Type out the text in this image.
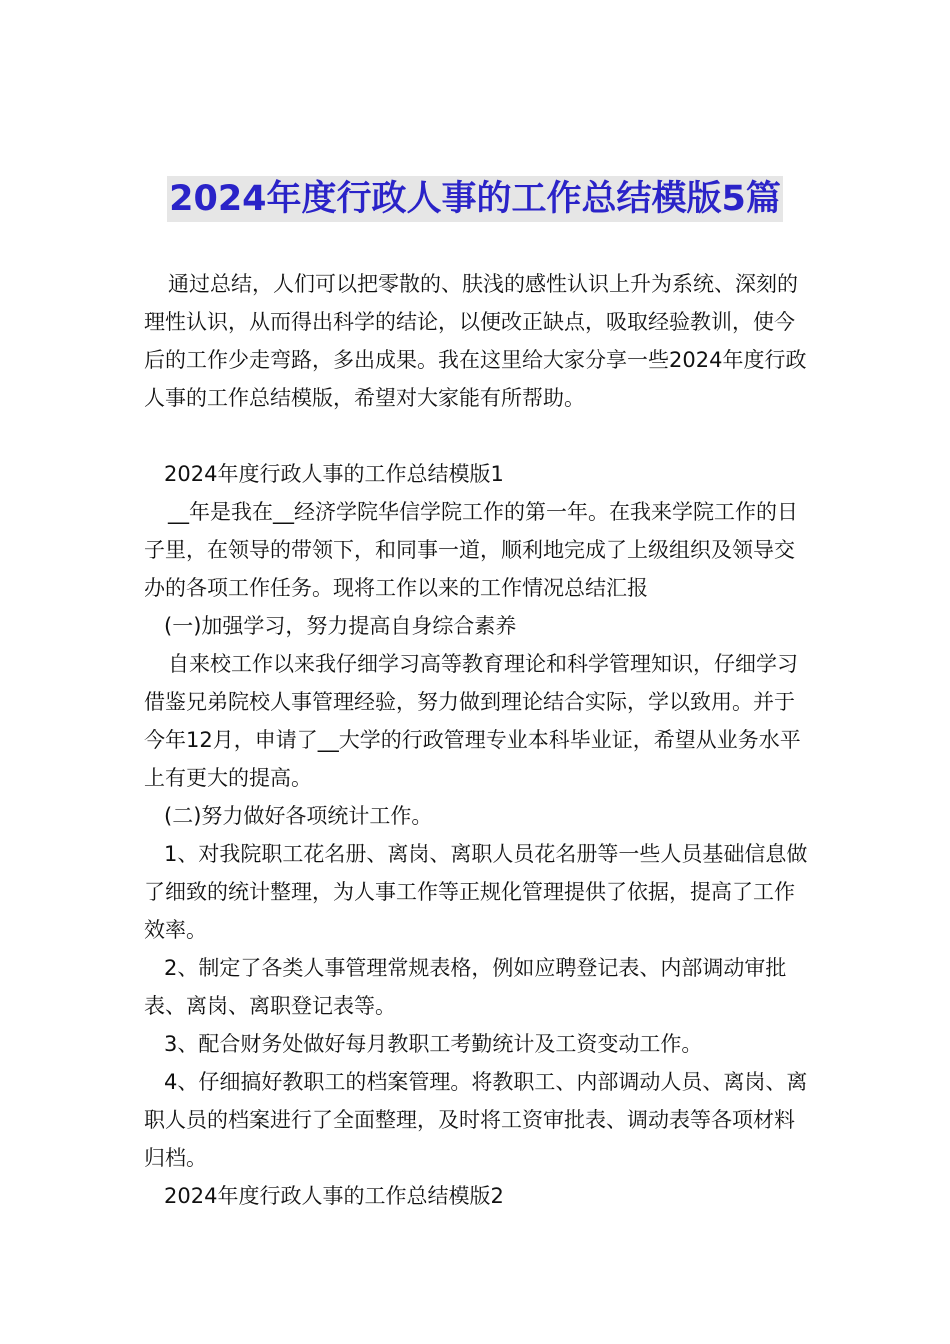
2024年度行政人事的工作总结模版5篇

通过总结，人们可以把零散的、肤浅的感性认识上升为系统、深刻的理性认识，从而得出科学的结论，以便改正缺点，吸取经验教训，使今后的工作少走弯路，多出成果。我在这里给大家分享一些2024年度行政人事的工作总结模版，希望对大家能有所帮助。

2024年度行政人事的工作总结模版1

__年是我在__经济学院华信学院工作的第一年。在我来学院工作的日子里，在领导的带领下，和同事一道，顺利地完成了上级组织及领导交办的各项工作任务。现将工作以来的工作情况总结汇报

(一)加强学习，努力提高自身综合素养

自来校工作以来我仔细学习高等教育理论和科学管理知识，仔细学习借鉴兄弟院校人事管理经验，努力做到理论结合实际，学以致用。并于今年12月，申请了__大学的行政管理专业本科毕业证，希望从业务水平上有更大的提高。

(二)努力做好各项统计工作。

1、对我院职工花名册、离岗、离职人员花名册等一些人员基础信息做了细致的统计整理，为人事工作等正规化管理提供了依据，提高了工作效率。

2、制定了各类人事管理常规表格，例如应聘登记表、内部调动审批表、离岗、离职登记表等。

3、配合财务处做好每月教职工考勤统计及工资变动工作。

4、仔细搞好教职工的档案管理。将教职工、内部调动人员、离岗、离职人员的档案进行了全面整理，及时将工资审批表、调动表等各项材料归档。

2024年度行政人事的工作总结模版2
